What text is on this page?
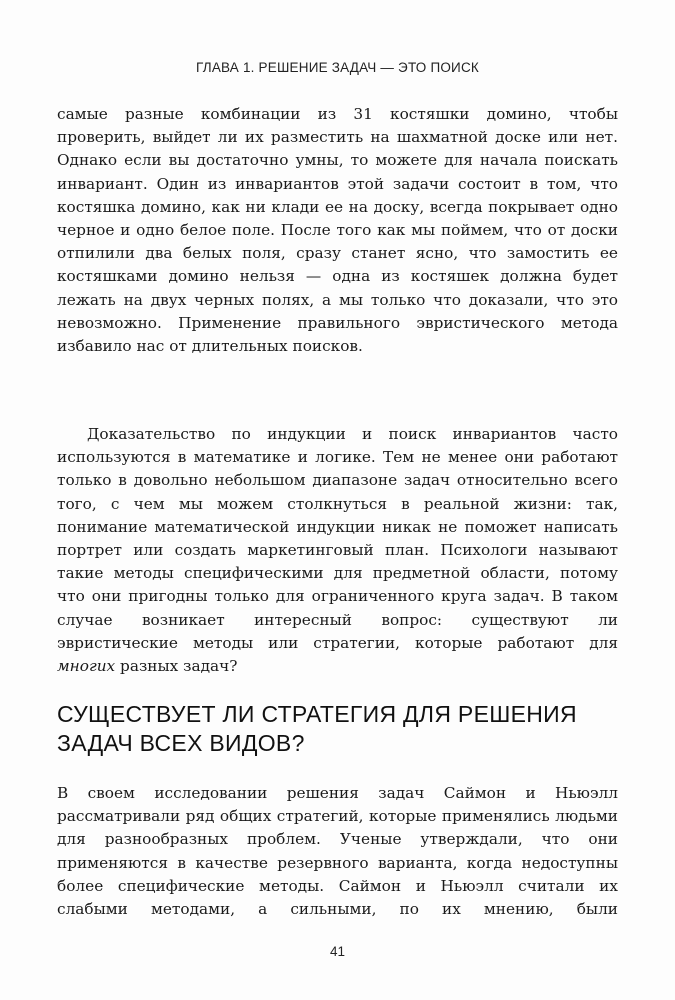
ГЛАВА 1. РЕШЕНИЕ ЗАДАЧ — ЭТО ПОИСК

самые разные комбинации из 31 костяшки домино, чтобы проверить, выйдет ли их разместить на шахматной доске или нет. Однако если вы достаточно умны, то можете для начала поискать инвариант. Один из инвариантов этой задачи состоит в том, что костяшка домино, как ни клади ее на доску, всегда покрывает одно черное и одно белое поле. После того как мы поймем, что от доски отпилили два белых поля, сразу станет ясно, что замостить ее костяшками домино нельзя — одна из костяшек должна будет лежать на двух черных полях, а мы только что доказали, что это невозможно. Применение правильного эвристического метода избавило нас от длительных поисков.

Доказательство по индукции и поиск инвариантов часто используются в математике и логике. Тем не менее они работают только в довольно небольшом диапазоне задач относительно всего того, с чем мы можем столкнуться в реальной жизни: так, понимание математической индукции никак не поможет написать портрет или создать маркетинговый план. Психологи называют такие методы специфическими для предметной области, потому что они пригодны только для ограниченного круга задач. В таком случае возникает интересный вопрос: существуют ли эвристические методы или стратегии, которые работают для многих разных задач?

СУЩЕСТВУЕТ ЛИ СТРАТЕГИЯ ДЛЯ РЕШЕНИЯ
ЗАДАЧ ВСЕХ ВИДОВ?

В своем исследовании решения задач Саймон и Ньюэлл рассматривали ряд общих стратегий, которые применялись людьми для разнообразных проблем. Ученые утверждали, что они применяются в качестве резервного варианта, когда недоступны более специфические методы. Саймон и Ньюэлл считали их слабыми методами, а сильными, по их мнению, были

41
